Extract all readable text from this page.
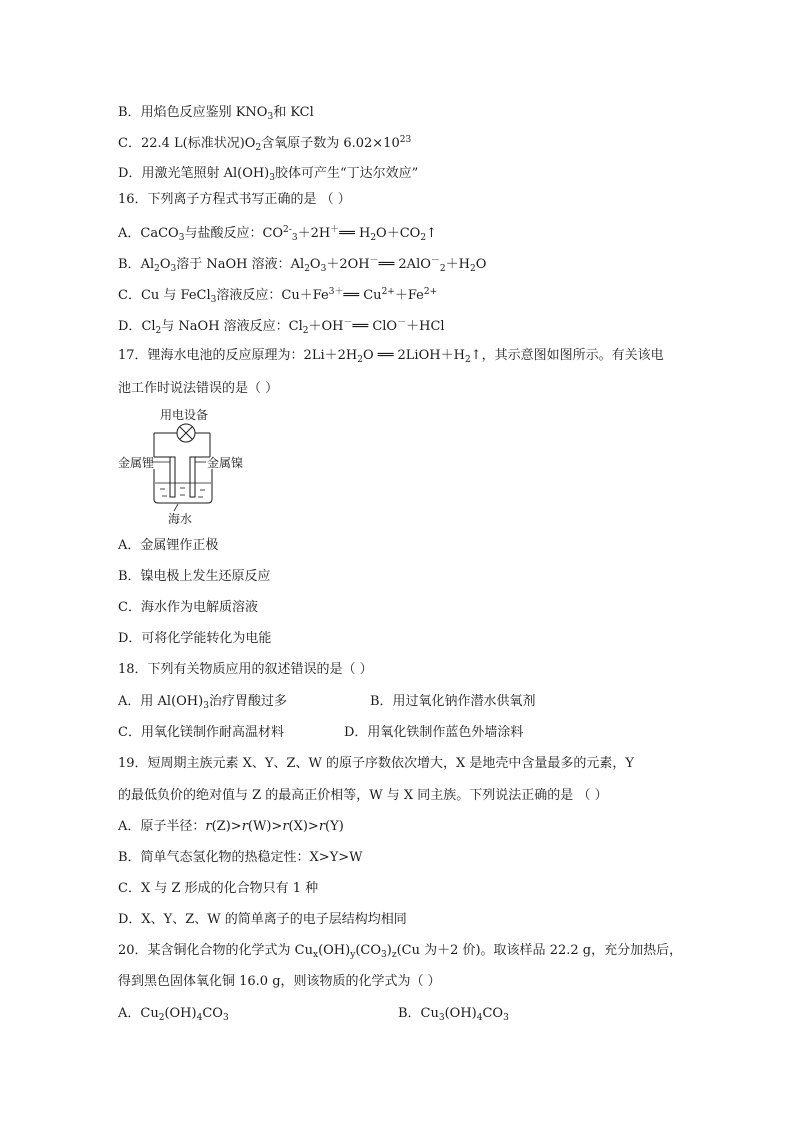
B．用焰色反应鉴别 $KNO_3$和 KCl
C．22.4 L(标准状况)$O_2$含氧原子数为 $6.02\times 10^{23}$
D．用激光笔照射 $Al(OH)_3$胶体可产生“丁达尔效应”
16．下列离子方程式书写正确的是 （ ）
A．CaCO$_3$与盐酸反应：$CO^{2-}_3+2H^+══$ $H_2O+CO_2↑$
B．$Al_2O_3$溶于 NaOH 溶液：$Al_2O_3+2OH^-══$ $2AlO^-_2+H_2O$
C．Cu 与 FeCl$_3$溶液反应：$Cu+Fe^{3+}══$ $Cu^{2+}+Fe^{2+}$
D．$Cl_2$与 NaOH 溶液反应：$Cl_2+OH^-══$ ClO－＋HCl
17．锂海水电池的反应原理为：$2Li+2H_2O$ ══ $2LiOH+H_2↑$，其示意图如图所示。有关该电
池工作时说法错误的是（ ）
用电设备
金属锂	金属镍
海水
A．金属锂作正极
B．镍电极上发生还原反应
C．海水作为电解质溶液
D．可将化学能转化为电能
18．下列有关物质应用的叙述错误的是（ ）
A．用 $Al(OH)_3$治疗胃酸过多	B．用过氧化钠作潜水供氧剂
C．用氧化镁制作耐高温材料	D．用氧化铁制作蓝色外墙涂料
19．短周期主族元素 X、Y、Z、W 的原子序数依次增大，X 是地壳中含量最多的元素，Y
的最低负价的绝对值与 Z 的最高正价相等，W 与 X 同主族。下列说法正确的是 （ ）
A．原子半径：r(Z)>r(W)>r(X)>r(Y)
B．简单气态氢化物的热稳定性：X>Y>W
C．X 与 Z 形成的化合物只有 1 种
D．X、Y、Z、W 的简单离子的电子层结构均相同
20．某含铜化合物的化学式为 $Cu_x(OH)_y(CO_3)_z(Cu$ 为＋2 价)。取该样品 22.2 g，充分加热后，
得到黑色固体氧化铜 16.0 g，则该物质的化学式为（ ）
A．$Cu_2(OH)_4CO_3$	B．$Cu_3(OH)_4CO_3$
